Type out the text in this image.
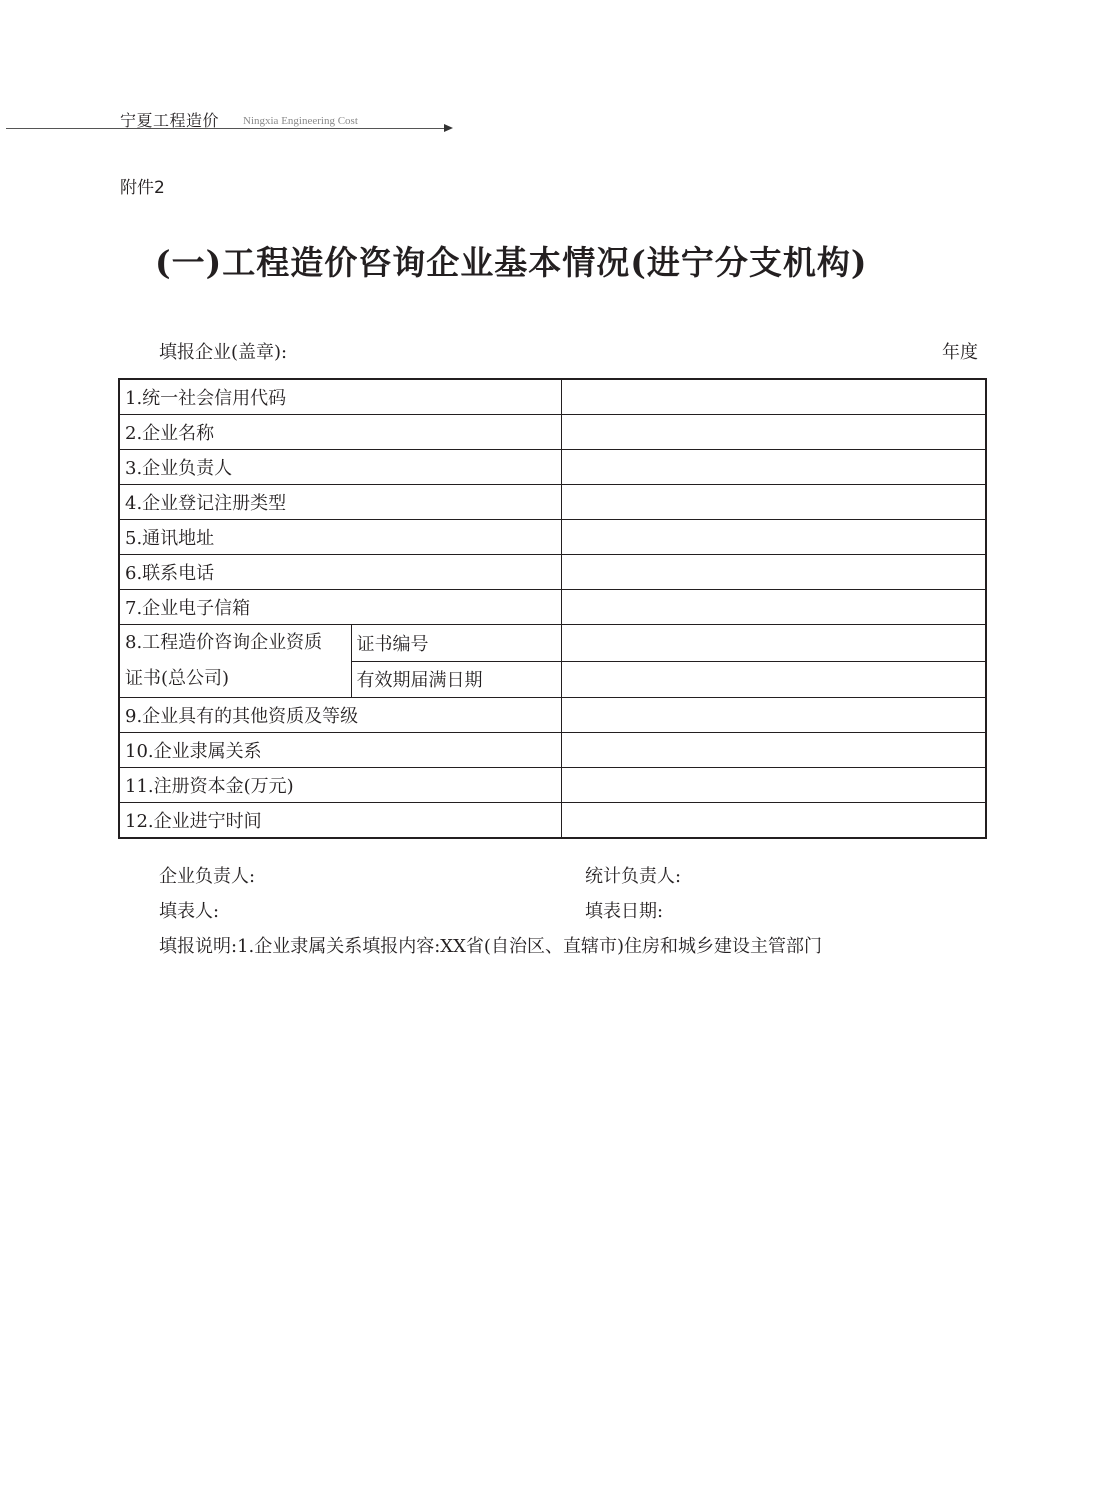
宁夏工程造价 Ningxia Engineering Cost
附件2
(一)工程造价咨询企业基本情况(进宁分支机构)
填报企业(盖章):	年度
1.统一社会信用代码		
2.企业名称		
3.企业负责人		
4.企业登记注册类型		
5.通讯地址		
6.联系电话		
7.企业电子信箱		
8.工程造价咨询企业资质
证书(总公司)	证书编号	
	有效期届满日期	
9.企业具有的其他资质及等级		
10.企业隶属关系		
11.注册资本金(万元)		
12.企业进宁时间		
企业负责人:	统计负责人:
填表人:	填表日期:
填报说明:1.企业隶属关系填报内容:XX省(自治区、直辖市)住房和城乡建设主管部门
